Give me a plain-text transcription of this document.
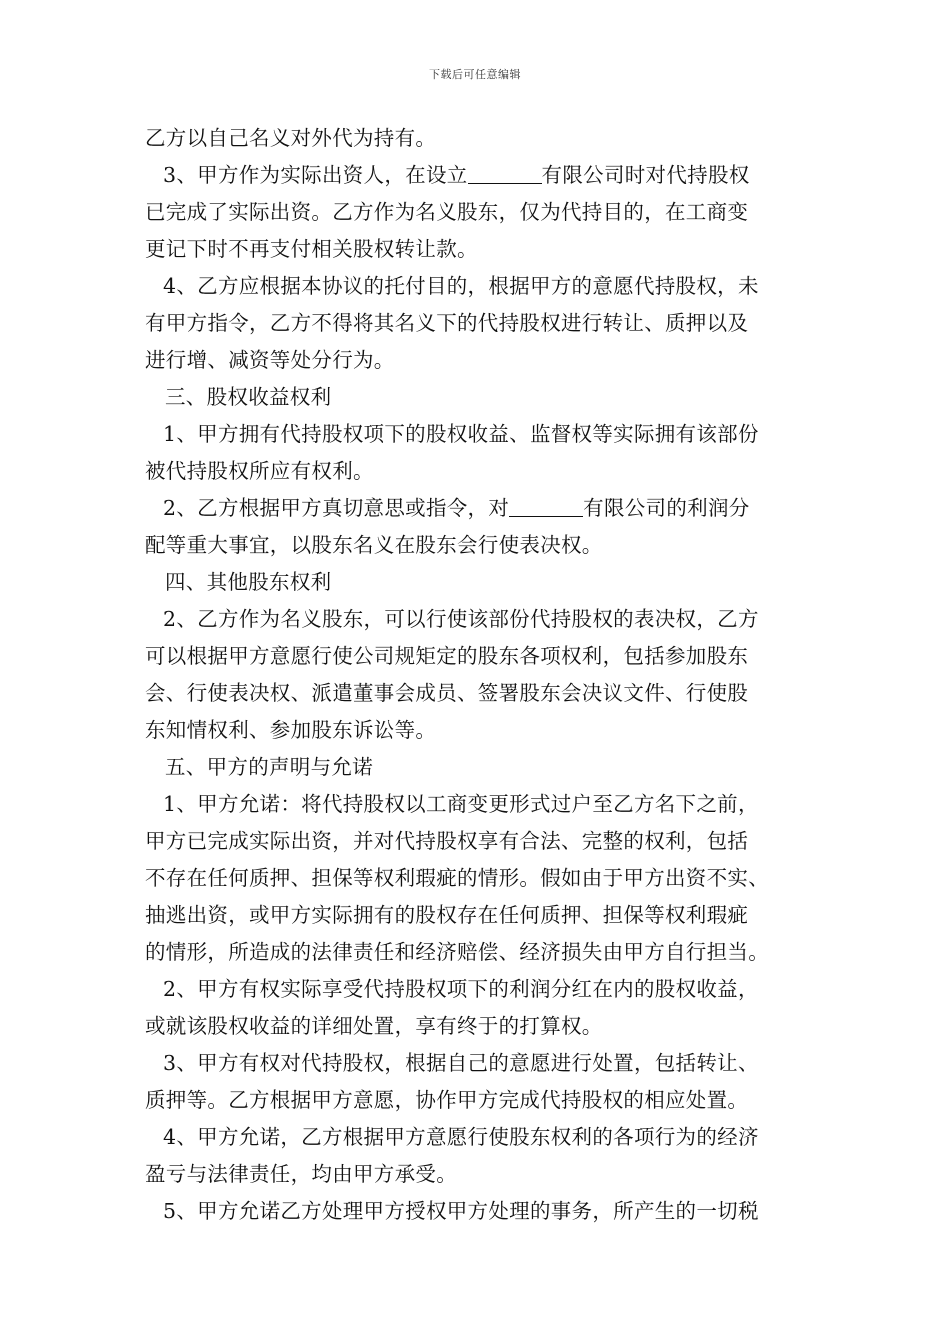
下载后可任意编辑
乙方以自己名义对外代为持有。
3、甲方作为实际出资人，在设立	有限公司时对代持股权
已完成了实际出资。乙方作为名义股东，仅为代持目的，在工商变
更记下时不再支付相关股权转让款。
4、乙方应根据本协议的托付目的，根据甲方的意愿代持股权，未
有甲方指令，乙方不得将其名义下的代持股权进行转让、质押以及
进行增、减资等处分行为。
三、股权收益权利
1、甲方拥有代持股权项下的股权收益、监督权等实际拥有该部份
被代持股权所应有权利。
2、乙方根据甲方真切意思或指令，对	有限公司的利润分
配等重大事宜，以股东名义在股东会行使表决权。
四、其他股东权利
2、乙方作为名义股东，可以行使该部份代持股权的表决权，乙方
可以根据甲方意愿行使公司规矩定的股东各项权利，包括参加股东
会、行使表决权、派遣董事会成员、签署股东会决议文件、行使股
东知情权利、参加股东诉讼等。
五、甲方的声明与允诺
1、甲方允诺：将代持股权以工商变更形式过户至乙方名下之前，
甲方已完成实际出资，并对代持股权享有合法、完整的权利，包括
不存在任何质押、担保等权利瑕疵的情形。假如由于甲方出资不实、
抽逃出资，或甲方实际拥有的股权存在任何质押、担保等权利瑕疵
的情形，所造成的法律责任和经济赔偿、经济损失由甲方自行担当。
2、甲方有权实际享受代持股权项下的利润分红在内的股权收益，
或就该股权收益的详细处置，享有终于的打算权。
3、甲方有权对代持股权，根据自己的意愿进行处置，包括转让、
质押等。乙方根据甲方意愿，协作甲方完成代持股权的相应处置。
4、甲方允诺，乙方根据甲方意愿行使股东权利的各项行为的经济
盈亏与法律责任，均由甲方承受。
5、甲方允诺乙方处理甲方授权甲方处理的事务，所产生的一切税
